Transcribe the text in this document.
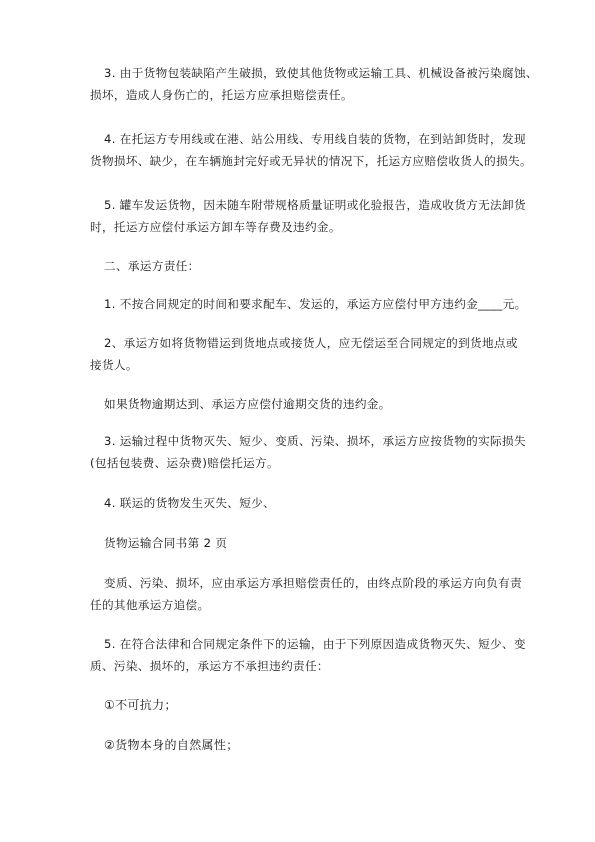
3. 由于货物包装缺陷产生破损，致使其他货物或运输工具、机械设备被污染腐蚀、
损坏，造成人身伤亡的，托运方应承担赔偿责任。
4. 在托运方专用线或在港、站公用线、专用线自装的货物，在到站卸货时，发现
货物损坏、缺少，在车辆施封完好或无异状的情况下，托运方应赔偿收货人的损失。
5. 罐车发运货物，因未随车附带规格质量证明或化验报告，造成收货方无法卸货
时，托运方应偿付承运方卸车等存费及违约金。
二、承运方责任：
1. 不按合同规定的时间和要求配车、发运的，承运方应偿付甲方违约金____元。
2、承运方如将货物错运到货地点或接货人，应无偿运至合同规定的到货地点或
接货人。
如果货物逾期达到、承运方应偿付逾期交货的违约金。
3. 运输过程中货物灭失、短少、变质、污染、损坏，承运方应按货物的实际损失
(包括包装费、运杂费)赔偿托运方。
4. 联运的货物发生灭失、短少、
货物运输合同书第 2 页
变质、污染、损坏，应由承运方承担赔偿责任的，由终点阶段的承运方向负有责
任的其他承运方追偿。
5. 在符合法律和合同规定条件下的运输，由于下列原因造成货物灭失、短少、变
质、污染、损坏的，承运方不承担违约责任：
①不可抗力；
②货物本身的自然属性；
